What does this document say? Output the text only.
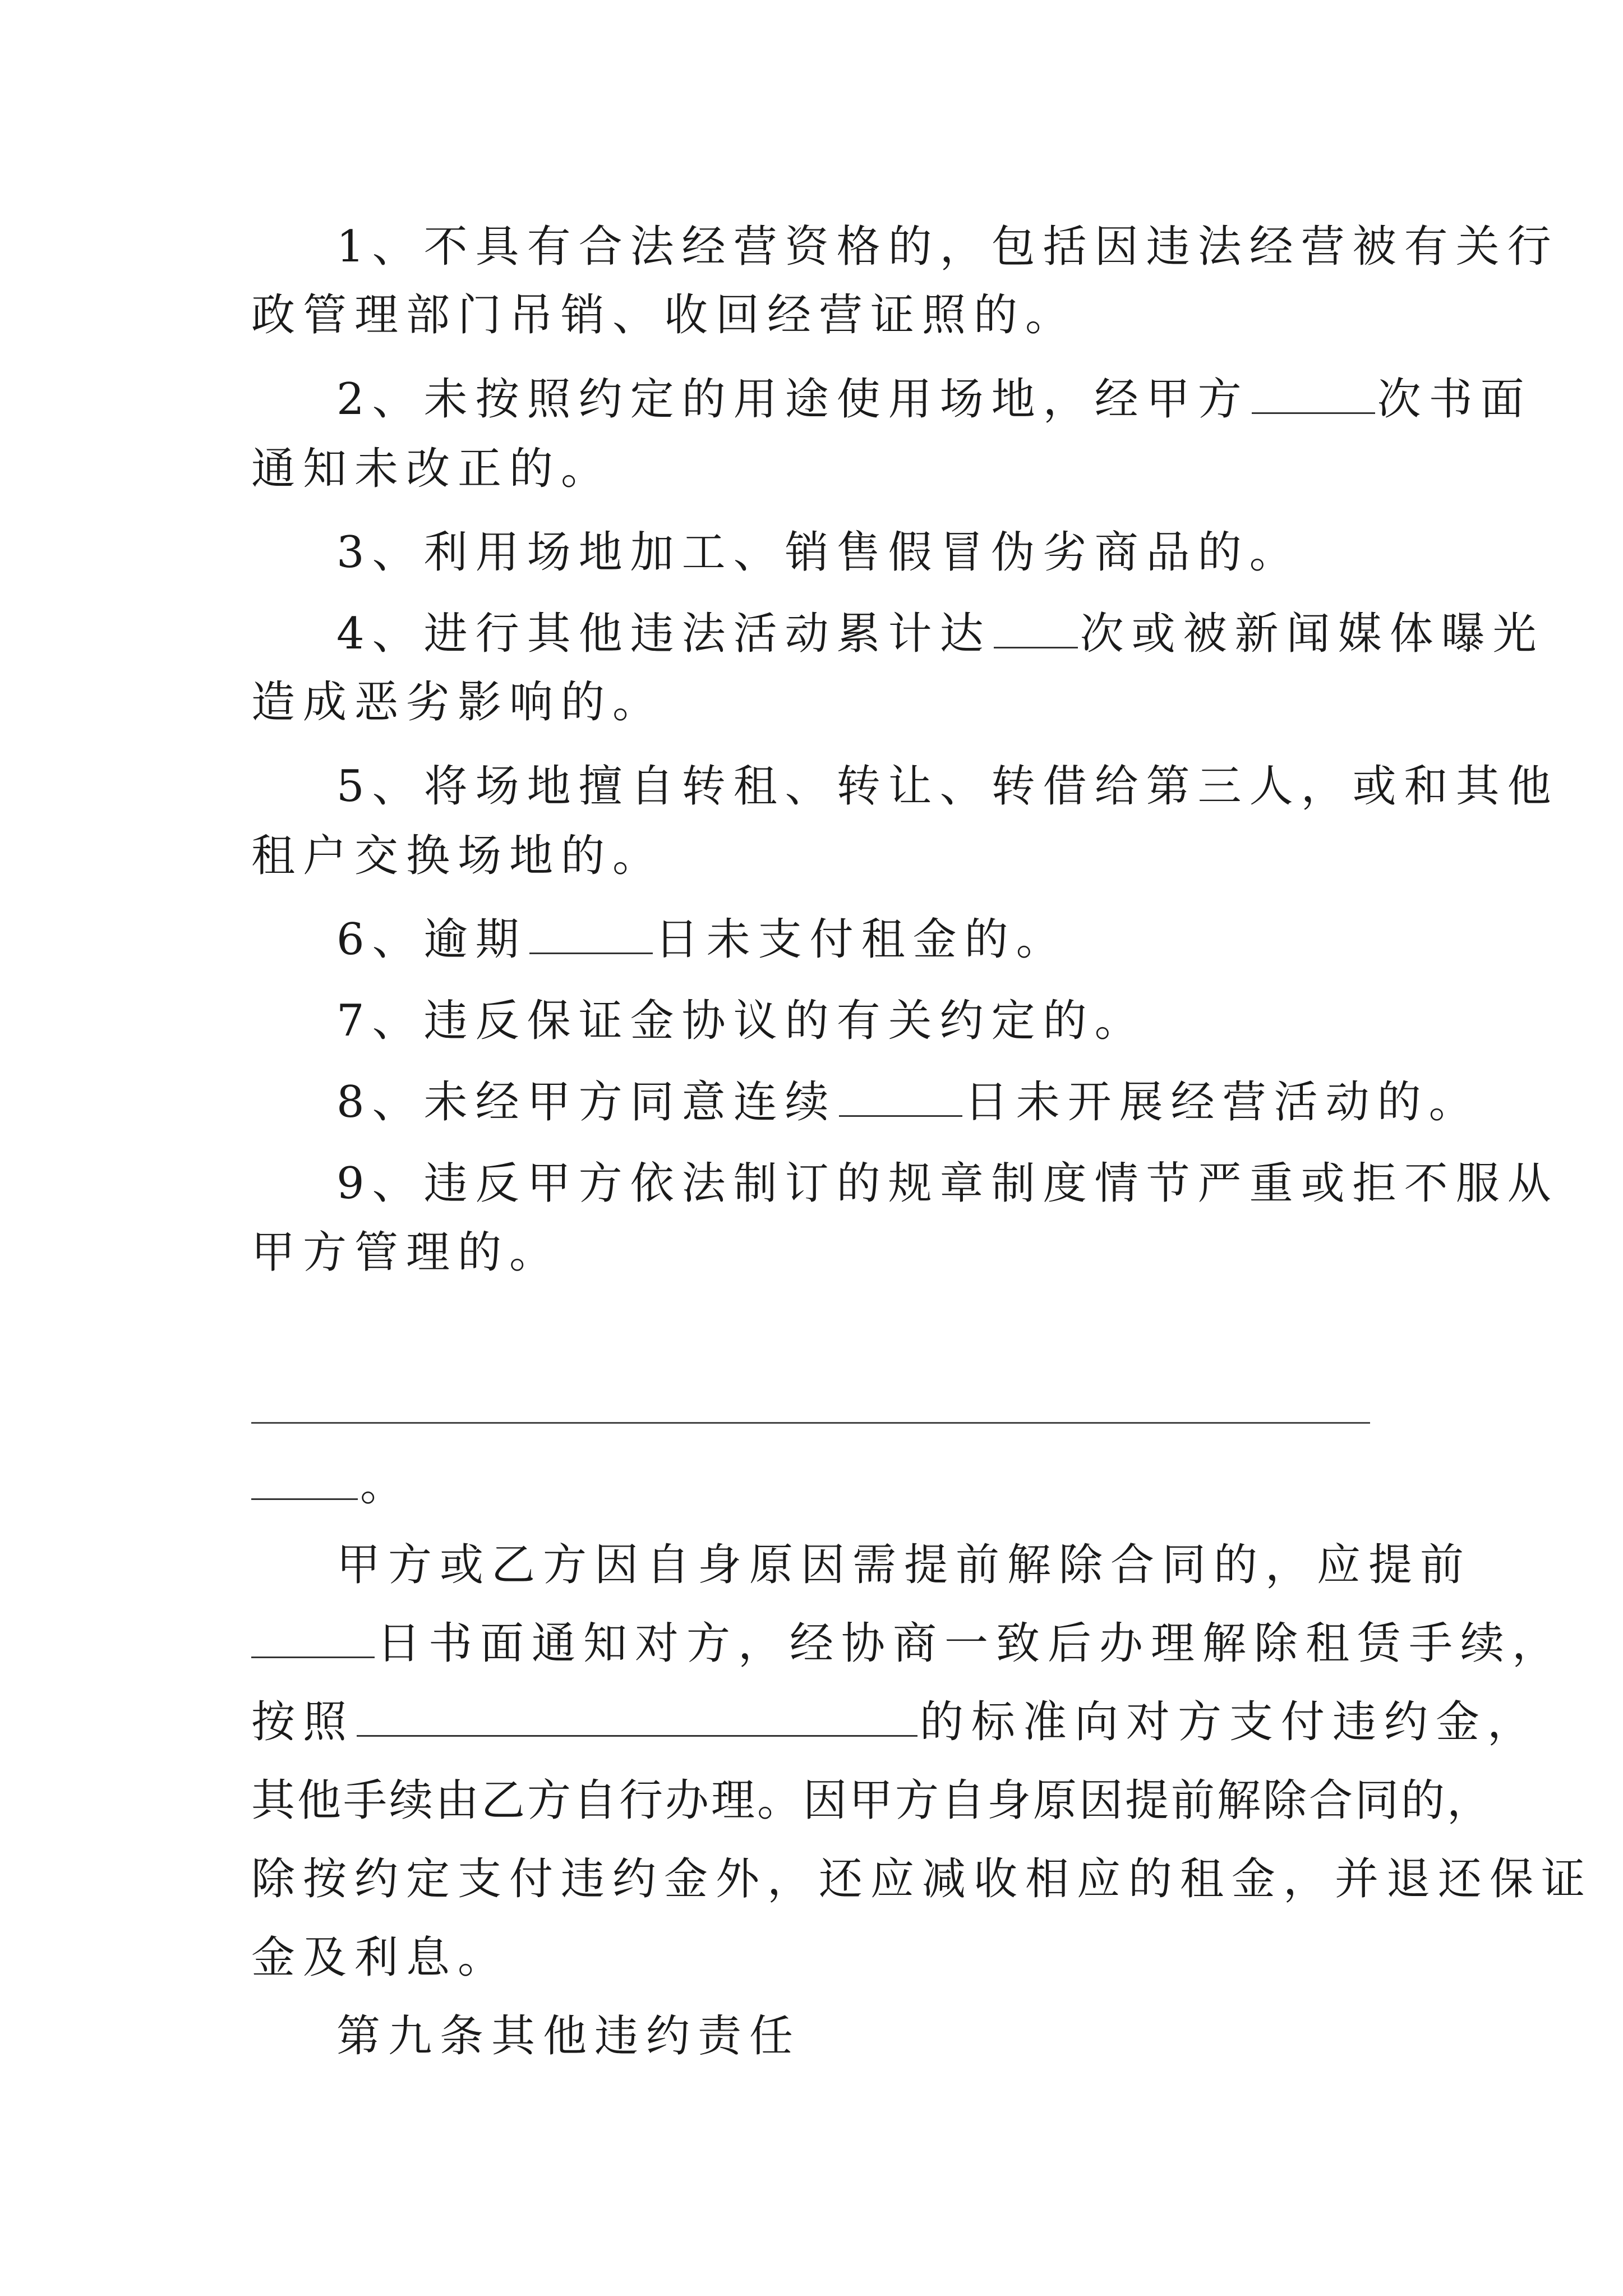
1、不具有合法经营资格的，包括因违法经营被有关行
政管理部门吊销、收回经营证照的。
2、未按照约定的用途使用场地，经甲方	次书面
通知未改正的。
3、利用场地加工、销售假冒伪劣商品的。
4、进行其他违法活动累计达 次或被新闻媒体曝光
造成恶劣影响的。
5、将场地擅自转租、转让、转借给第三人，或和其他
租户交换场地的。
6、逾期	日未支付租金的。
7、违反保证金协议的有关约定的。
8、未经甲方同意连续	日未开展经营活动的。
9、违反甲方依法制订的规章制度情节严重或拒不服从
甲方管理的。
。
甲方或乙方因自身原因需提前解除合同的，应提前
日书面通知对方，经协商一致后办理解除租赁手续，
按照	的标准向对方支付违约金，
其他手续由乙方自行办理。因甲方自身原因提前解除合同的，
除按约定支付违约金外，还应减收相应的租金，并退还保证
金及利息。
第九条其他违约责任
